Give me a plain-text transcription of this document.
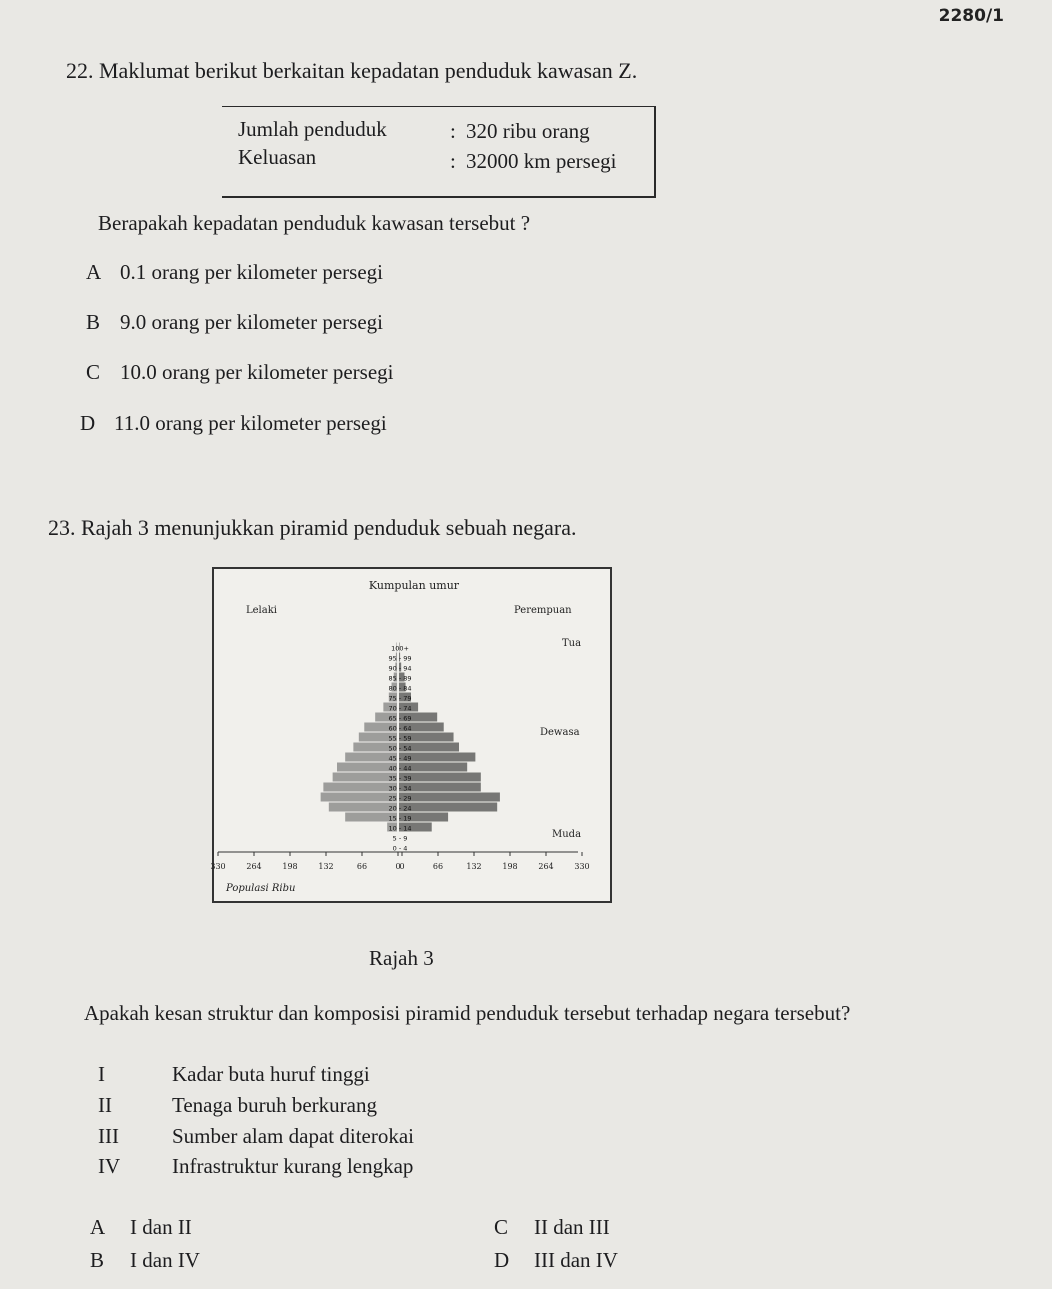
2280/1
22. Maklumat berikut berkaitan kepadatan penduduk kawasan Z.
Jumlah penduduk	: 320 ribu orang
Keluasan	: 32000 km persegi
Berapakah kepadatan penduduk kawasan tersebut ?
A 0.1 orang per kilometer persegi
B 9.0 orang per kilometer persegi
C 10.0 orang per kilometer persegi
D 11.0 orang per kilometer persegi
23. Rajah 3 menunjukkan piramid penduduk sebuah negara.
Kumpulan umur
Lelaki	Perempuan
Tua
Dewasa
Muda
0 - 4
5 - 9
10 - 14
15 - 19
20 - 24
25 - 29
30 - 34
35 - 39
40 - 44
45 - 49
50 - 54
55 - 59
60 - 64
65 - 69
70 - 74
75 - 79
80 - 84
85 - 89
90 - 94
95 - 99
100+
330	264	198	132	66	0
0	66	132	198	264	330
Populasi Ribu
Rajah 3
Apakah kesan struktur dan komposisi piramid penduduk tersebut terhadap negara tersebut?
I	Kadar buta huruf tinggi
II	Tenaga buruh berkurang
III	Sumber alam dapat diterokai
IV Infrastruktur kurang lengkap
A I dan II	C II dan III
B I dan IV	D III dan IV
